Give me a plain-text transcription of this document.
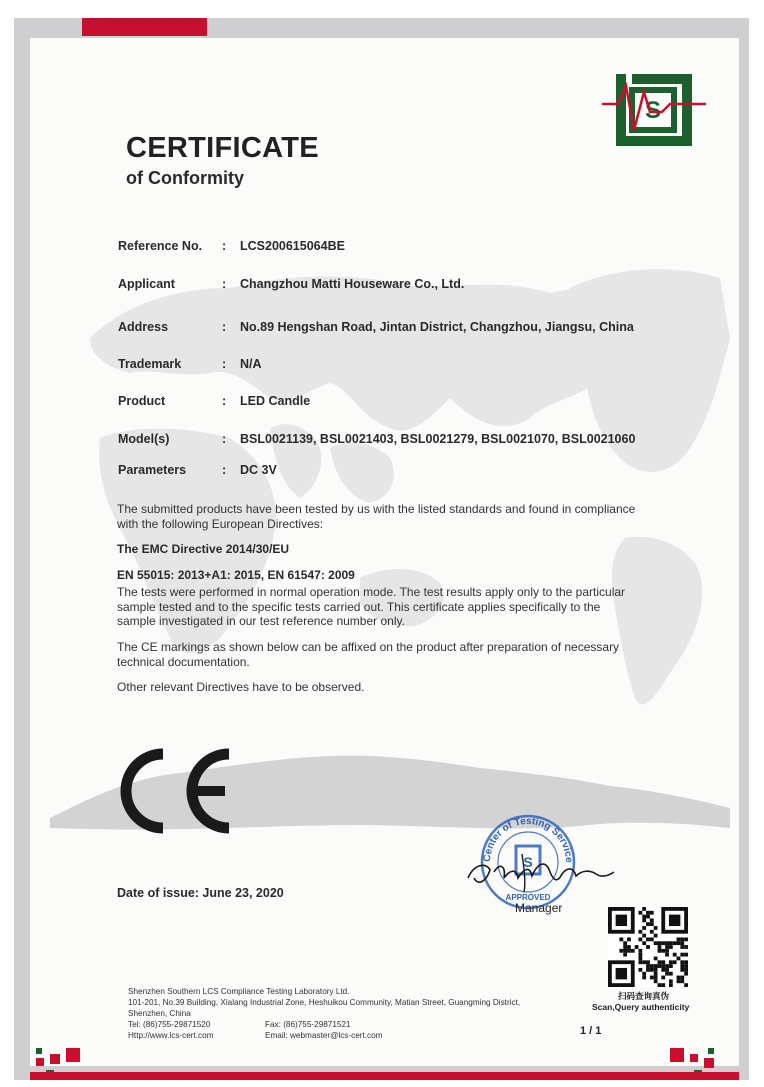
S
CERTIFICATE
of Conformity
Reference No. : LCS200615064BE
Applicant	: Changzhou Matti Houseware Co., Ltd.
Address	: No.89 Hengshan Road, Jintan District, Changzhou, Jiangsu, China
Trademark	: N/A
Product	: LED Candle
Model(s)	: BSL0021139, BSL0021403, BSL0021279, BSL0021070, BSL0021060
Parameters	: DC 3V
The submitted products have been tested by us with the listed standards and found in compliance
with the following European Directives:
The EMC Directive 2014/30/EU
EN 55015: 2013+A1: 2015, EN 61547: 2009
The tests were performed in normal operation mode. The test results apply only to the particular
sample tested and to the specific tests carried out. This certificate applies specifically to the
sample investigated in our test reference number only.
The CE markings as shown below can be affixed on the product after preparation of necessary
technical documentation.
Other relevant Directives have to be observed.
Center of Testing Service
S
APPROVED
Date of issue: June 23, 2020
Manager
扫码查询真伪
Scan,Query authenticity
Shenzhen Southern LCS Compliance Testing Laboratory Ltd.
101-201, No.39 Building, Xialang Industrial Zone, Heshuikou Community, Matian Street, Guangming District,
Shenzhen, China
Tel: (86)755-29871520	Fax: (86)755-29871521
Http://www.lcs-cert.com	Email: webmaster@lcs-cert.com	1 / 1
